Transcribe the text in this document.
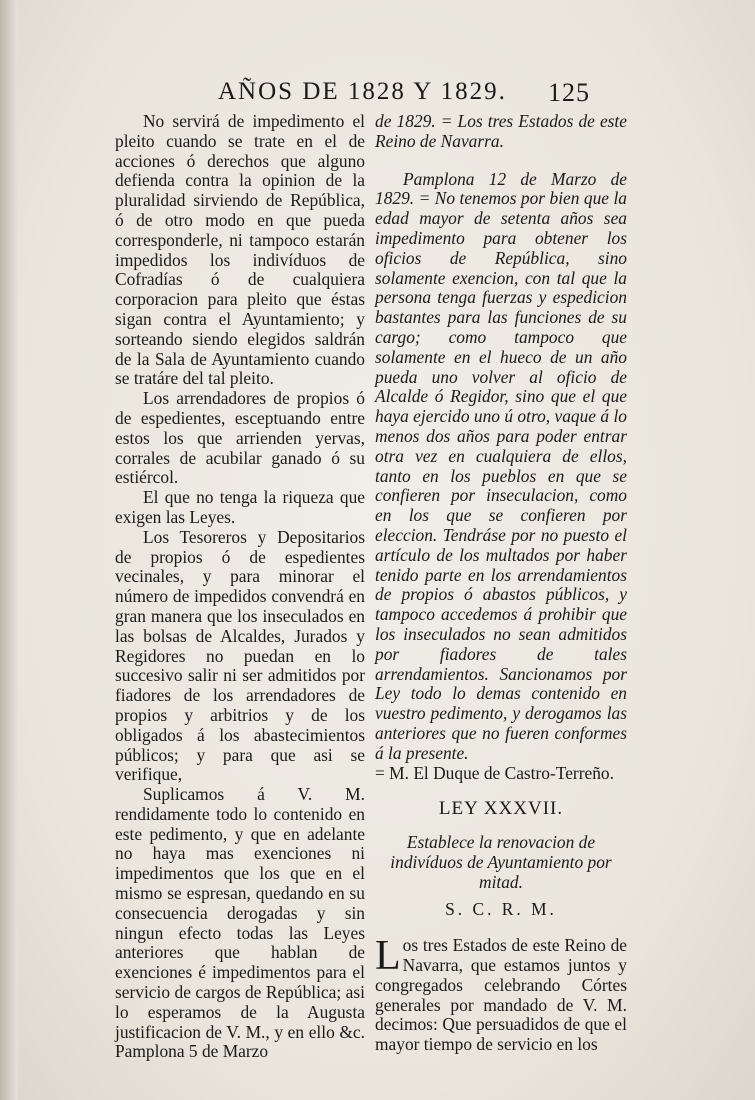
AÑOS DE 1828 Y 1829. 125

No servirá de impedimento el pleito cuando se trate en el de acciones ó derechos que alguno defienda contra la opinion de la pluralidad sirviendo de República, ó de otro modo en que pueda corresponderle, ni tampoco estarán impedidos los indivíduos de Cofradías ó de cualquiera corporacion para pleito que éstas sigan contra el Ayuntamiento; y sorteando siendo elegidos saldrán de la Sala de Ayuntamiento cuando se tratáre del tal pleito.

Los arrendadores de propios ó de espedientes, esceptuando entre estos los que arrienden yervas, corrales de acubilar ganado ó su estiércol.

El que no tenga la riqueza que exigen las Leyes.

Los Tesoreros y Depositarios de propios ó de espedientes vecinales, y para minorar el número de impedidos convendrá en gran manera que los inseculados en las bolsas de Alcaldes, Jurados y Regidores no puedan en lo succesivo salir ni ser admitidos por fiadores de los arrendadores de propios y arbitrios y de los obligados á los abastecimientos públicos; y para que asi se verifique,

Suplicamos á V. M. rendidamente todo lo contenido en este pedimento, y que en adelante no haya mas exenciones ni impedimentos que los que en el mismo se espresan, quedando en su consecuencia derogadas y sin ningun efecto todas las Leyes anteriores que hablan de exenciones é impedimentos para el servicio de cargos de República; asi lo esperamos de la Augusta justificacion de V. M., y en ello &c. Pamplona 5 de Marzo

de 1829. = Los tres Estados de este Reino de Navarra.

Pamplona 12 de Marzo de 1829. = No tenemos por bien que la edad mayor de setenta años sea impedimento para obtener los oficios de República, sino solamente exencion, con tal que la persona tenga fuerzas y espedicion bastantes para las funciones de su cargo; como tampoco que solamente en el hueco de un año pueda uno volver al oficio de Alcalde ó Regidor, sino que el que haya ejercido uno ú otro, vaque á lo menos dos años para poder entrar otra vez en cualquiera de ellos, tanto en los pueblos en que se confieren por inseculacion, como en los que se confieren por eleccion. Tendráse por no puesto el artículo de los multados por haber tenido parte en los arrendamientos de propios ó abastos públicos, y tampoco accedemos á prohibir que los inseculados no sean admitidos por fiadores de tales arrendamientos. Sancionamos por Ley todo lo demas contenido en vuestro pedimento, y derogamos las anteriores que no fueren conformes á la presente.

= M. El Duque de Castro-Terreño.

LEY XXXVII.

Establece la renovacion de indivíduos de Ayuntamiento por mitad.

S. C. R. M.

Los tres Estados de este Reino de Navarra, que estamos juntos y congregados celebrando Córtes generales por mandado de V. M. decimos: Que persuadidos de que el mayor tiempo de servicio en los
